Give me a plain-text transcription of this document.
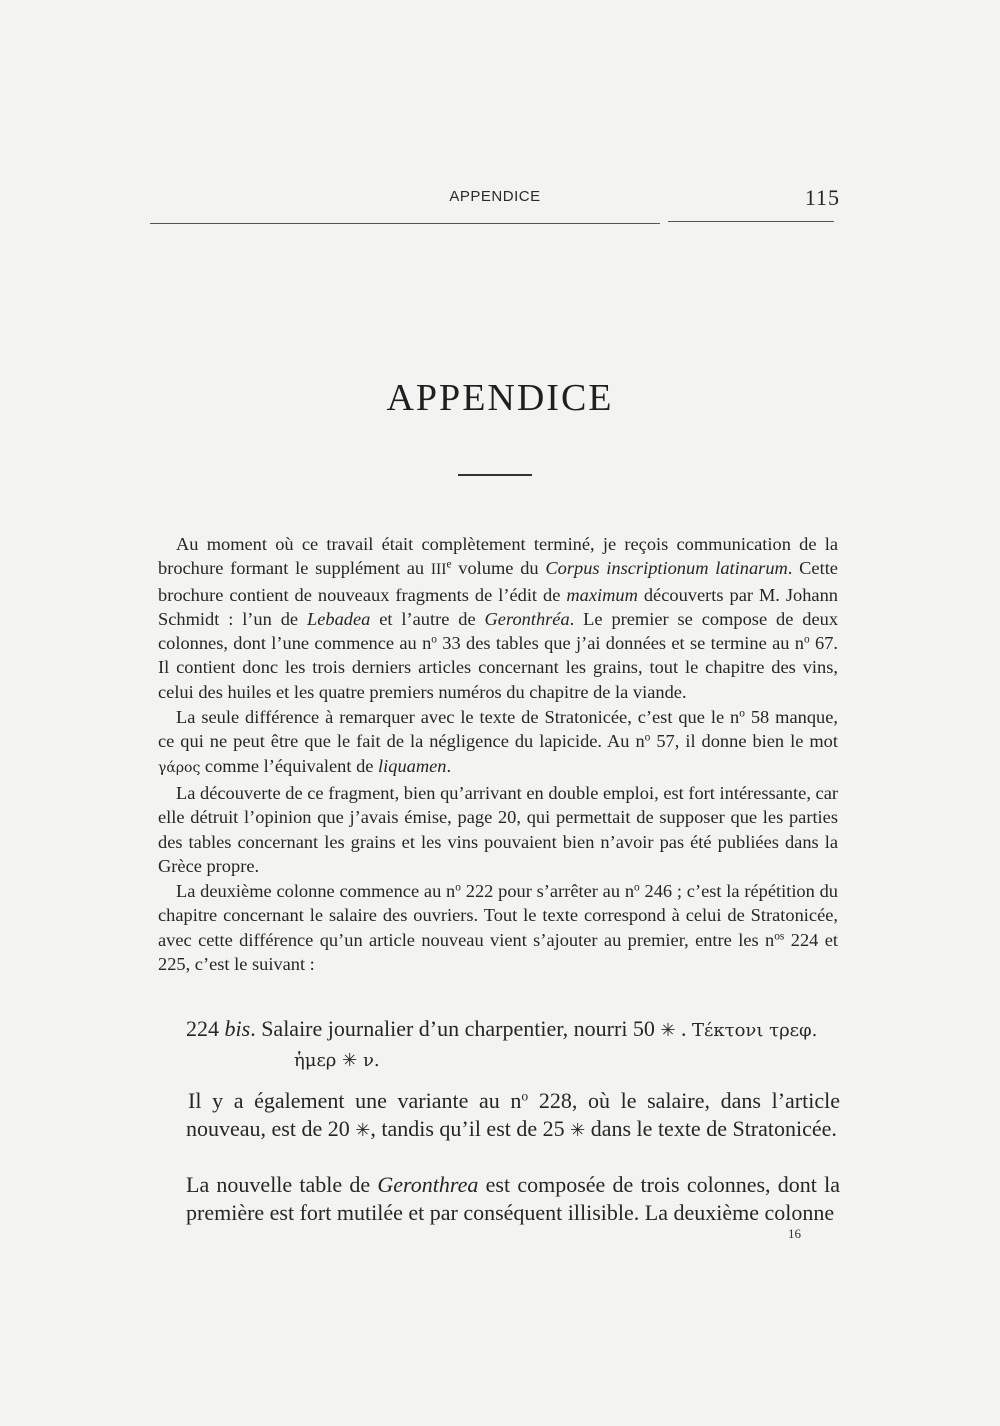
APPENDICE	115
APPENDICE

Au moment où ce travail était complètement terminé, je reçois communication de la brochure formant le supplément au IIIe volume du Corpus inscriptionum latinarum. Cette brochure contient de nouveaux fragments de l’édit de maximum découverts par M. Johann Schmidt : l’un de Lebadea et l’autre de Geronthréa. Le premier se compose de deux colonnes, dont l’une commence au $n^o$ 33 des tables que j’ai données et se termine au $n^o$ 67. Il contient donc les trois derniers articles concernant les grains, tout le chapitre des vins, celui des huiles et les quatre premiers numéros du chapitre de la viande.

La seule différence à remarquer avec le texte de Stratonicée, c’est que le $n^o$ 58 manque, ce qui ne peut être que le fait de la négligence du lapicide. Au $n^o$ 57, il donne bien le mot γάρος comme l’équivalent de liquamen.

La découverte de ce fragment, bien qu’arrivant en double emploi, est fort intéressante, car elle détruit l’opinion que j’avais émise, page 20, qui permettait de supposer que les parties des tables concernant les grains et les vins pouvaient bien n’avoir pas été publiées dans la Grèce propre.

La deuxième colonne commence au $n^o$ 222 pour s’arrêter au $n^o$ 246 ; c’est la répétition du chapitre concernant le salaire des ouvriers. Tout le texte correspond à celui de Stratonicée, avec cette différence qu’un article nouveau vient s’ajouter au premier, entre les $n^{os}$ 224 et 225, c’est le suivant :

224 bis. Salaire journalier d’un charpentier, nourri 50 ✳ . Τέκτονι τρεφ.

ἡμερ ✳ ν.

Il y a également une variante au $n^o$ 228, où le salaire, dans l’article nouveau, est de 20 ✳, tandis qu’il est de 25 ✳ dans le texte de Stratonicée.

La nouvelle table de Geronthrea est composée de trois colonnes, dont la première est fort mutilée et par conséquent illisible. La deuxième colonne

16
